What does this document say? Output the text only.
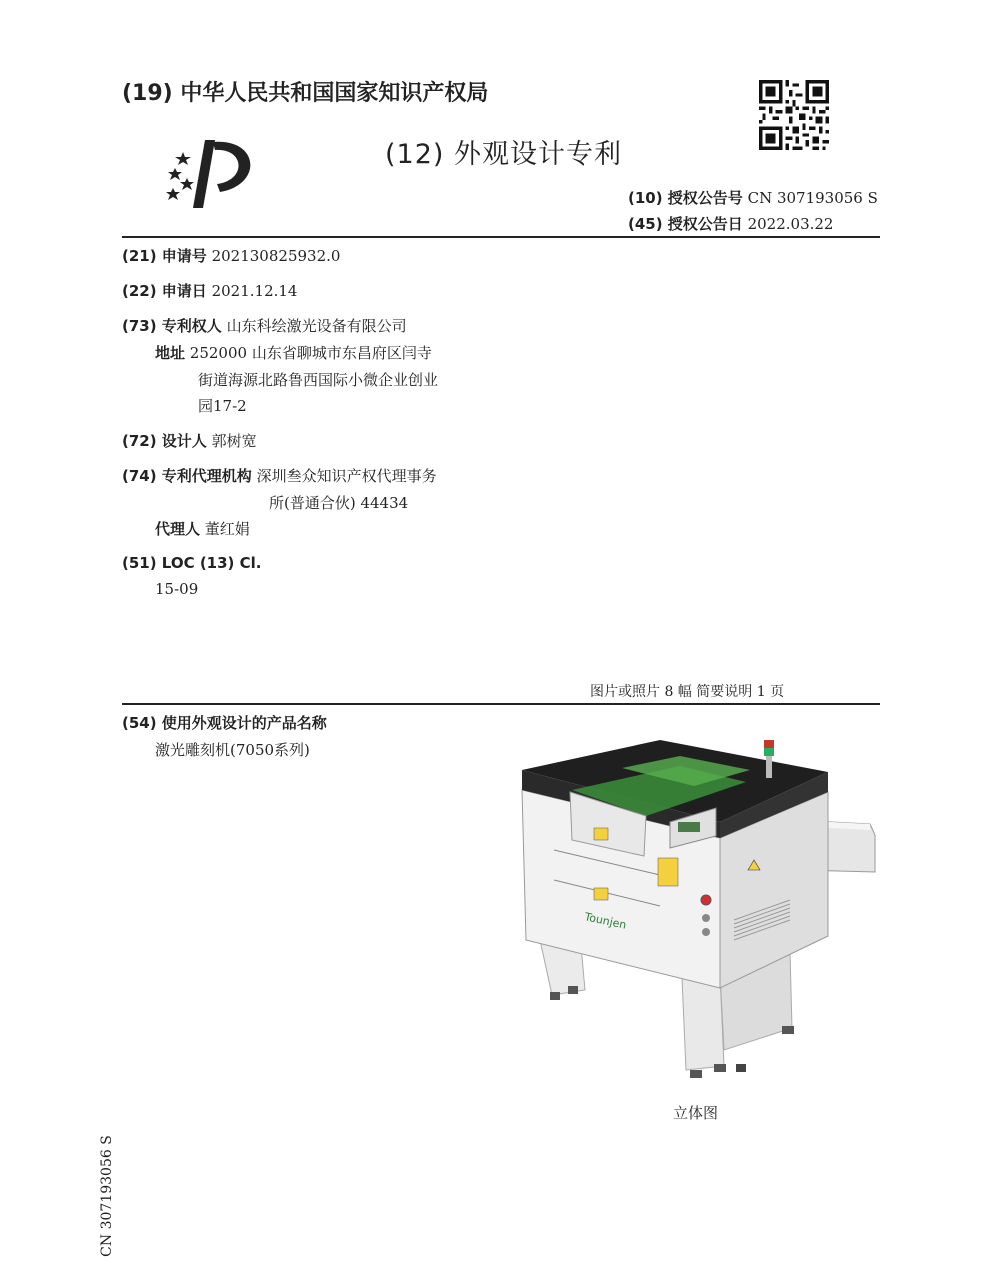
(19) 中华人民共和国国家知识产权局
(12) 外观设计专利
(10) 授权公告号 CN 307193056 S
(45) 授权公告日 2022.03.22
(21) 申请号 202130825932.0
(22) 申请日 2021.12.14
(73) 专利权人 山东科绘激光设备有限公司
地址 252000 山东省聊城市东昌府区闫寺
街道海源北路鲁西国际小微企业创业
园17-2
(72) 设计人 郭树宽
(74) 专利代理机构 深圳叁众知识产权代理事务
所(普通合伙) 44434
代理人 董红娟
(51) LOC (13) Cl.
15-09
图片或照片 8 幅 简要说明 1 页
(54) 使用外观设计的产品名称
激光雕刻机(7050系列)
Tounjen
立体图
CN 307193056 S
